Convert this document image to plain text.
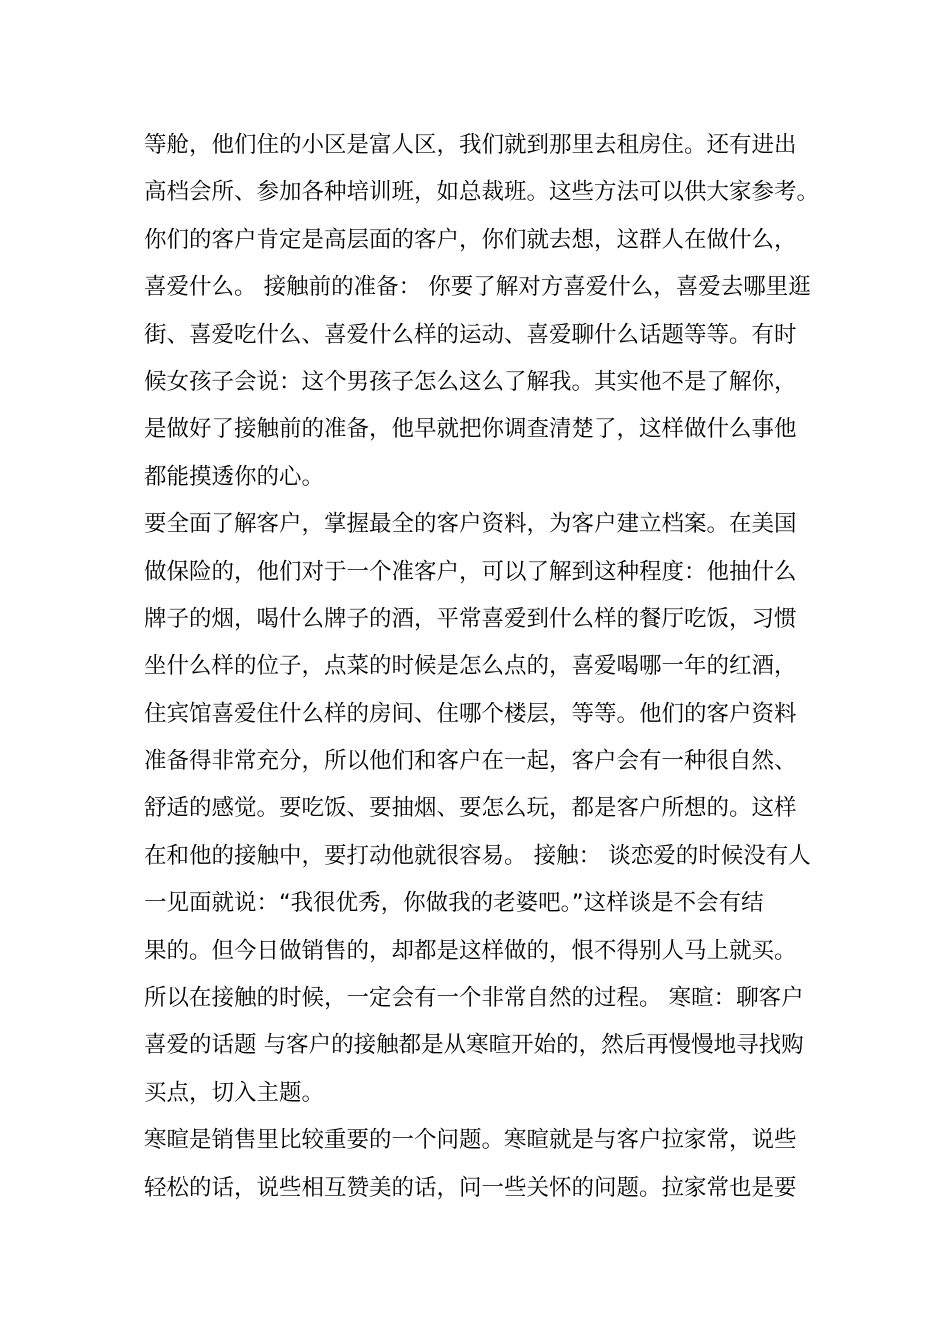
等舱，他们住的小区是富人区，我们就到那里去租房住。还有进出
高档会所、参加各种培训班，如总裁班。这些方法可以供大家参考。
你们的客户肯定是高层面的客户，你们就去想，这群人在做什么，
喜爱什么。 接触前的准备： 你要了解对方喜爱什么，喜爱去哪里逛
街、喜爱吃什么、喜爱什么样的运动、喜爱聊什么话题等等。有时
候女孩子会说：这个男孩子怎么这么了解我。其实他不是了解你，
是做好了接触前的准备，他早就把你调查清楚了，这样做什么事他
都能摸透你的心。
要全面了解客户，掌握最全的客户资料，为客户建立档案。在美国
做保险的，他们对于一个准客户，可以了解到这种程度：他抽什么
牌子的烟，喝什么牌子的酒，平常喜爱到什么样的餐厅吃饭，习惯
坐什么样的位子，点菜的时候是怎么点的，喜爱喝哪一年的红酒，
住宾馆喜爱住什么样的房间、住哪个楼层，等等。他们的客户资料
准备得非常充分，所以他们和客户在一起，客户会有一种很自然、
舒适的感觉。要吃饭、要抽烟、要怎么玩，都是客户所想的。这样
在和他的接触中，要打动他就很容易。 接触： 谈恋爱的时候没有人
一见面就说：“我很优秀，你做我的老婆吧。”这样谈是不会有结
果的。但今日做销售的，却都是这样做的，恨不得别人马上就买。
所以在接触的时候，一定会有一个非常自然的过程。 寒暄：聊客户
喜爱的话题 与客户的接触都是从寒暄开始的，然后再慢慢地寻找购
买点，切入主题。
寒暄是销售里比较重要的一个问题。寒暄就是与客户拉家常，说些
轻松的话，说些相互赞美的话，问一些关怀的问题。拉家常也是要
